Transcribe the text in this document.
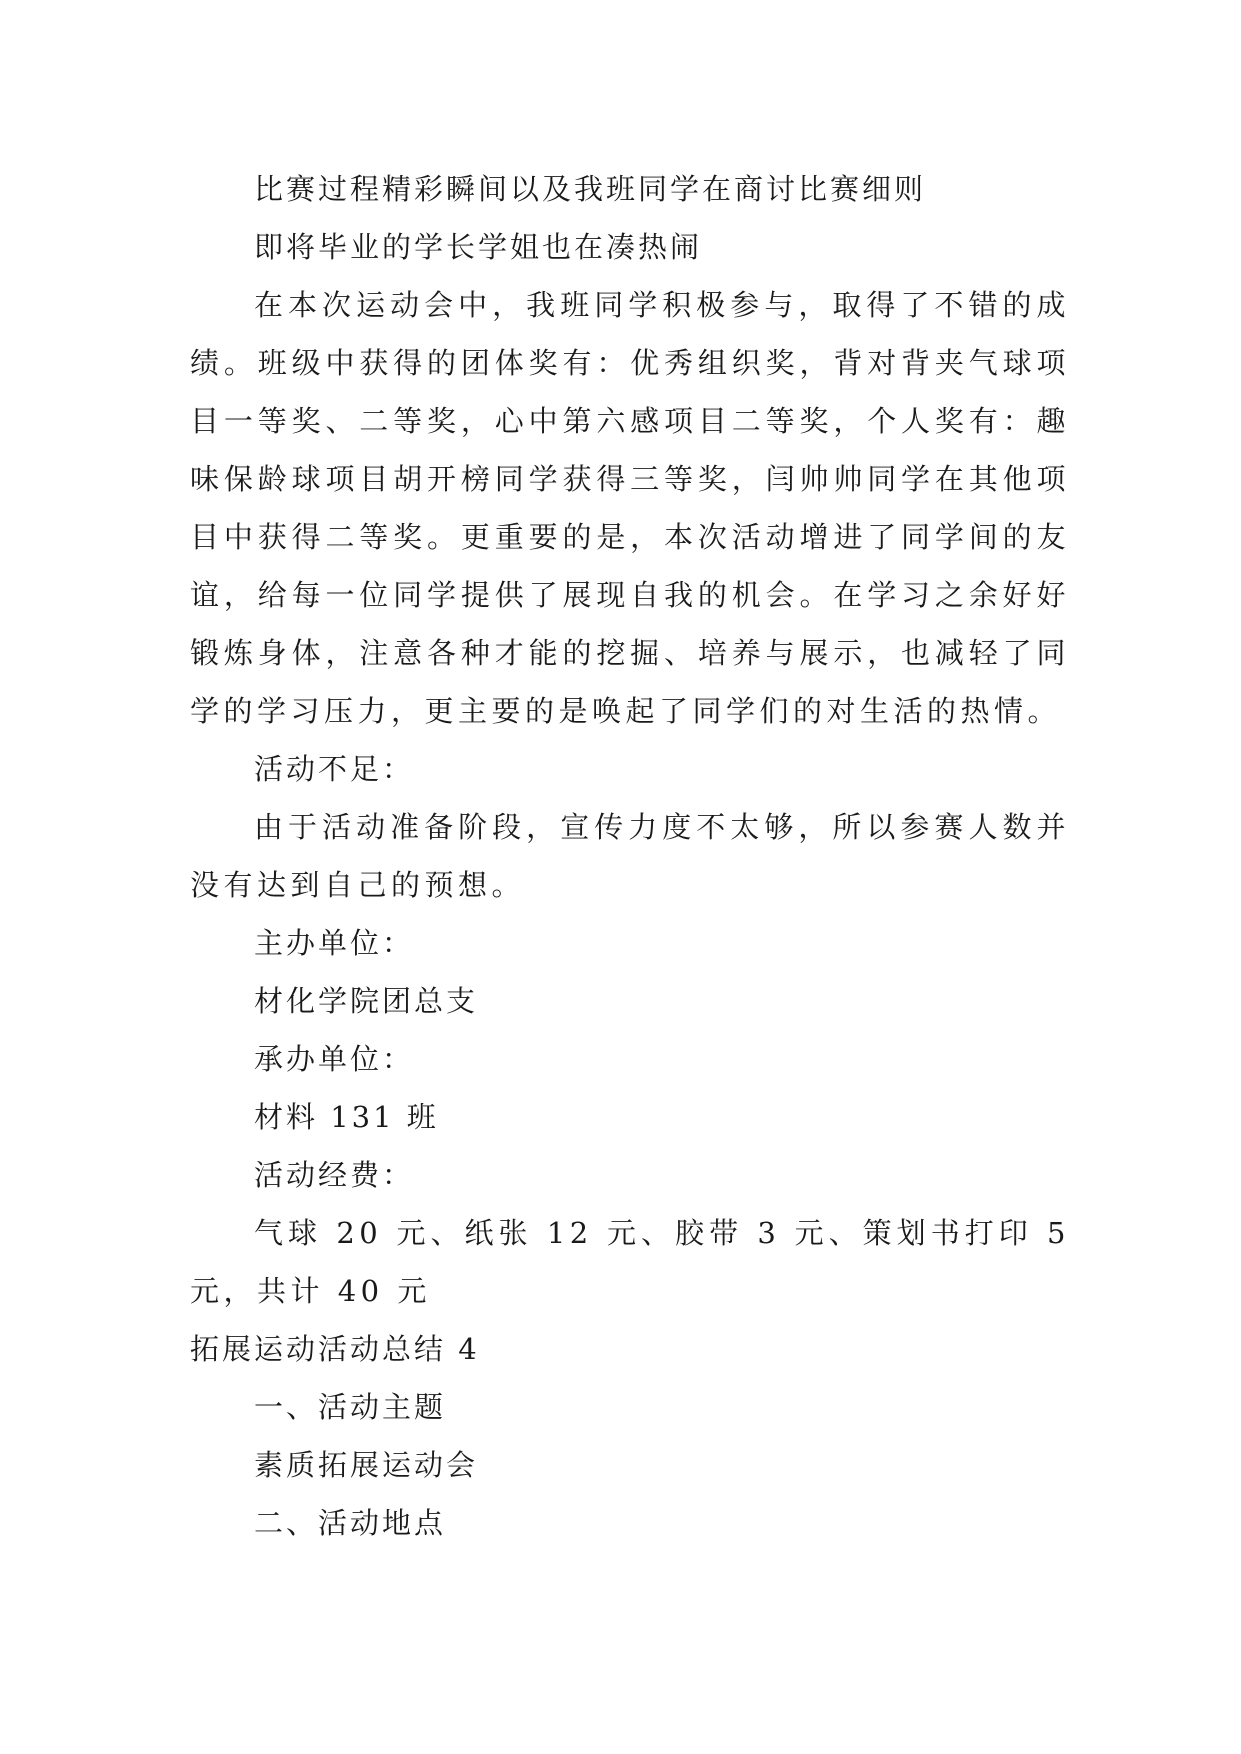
比赛过程精彩瞬间以及我班同学在商讨比赛细则
即将毕业的学长学姐也在凑热闹

在本次运动会中，我班同学积极参与，取得了不错的成绩。班级中获得的团体奖有：优秀组织奖，背对背夹气球项目一等奖、二等奖，心中第六感项目二等奖，个人奖有：趣味保龄球项目胡开榜同学获得三等奖，闫帅帅同学在其他项目中获得二等奖。更重要的是，本次活动增进了同学间的友谊，给每一位同学提供了展现自我的机会。在学习之余好好锻炼身体，注意各种才能的挖掘、培养与展示，也减轻了同学的学习压力，更主要的是唤起了同学们的对生活的热情。

活动不足：

由于活动准备阶段，宣传力度不太够，所以参赛人数并没有达到自己的预想。

主办单位：
材化学院团总支
承办单位：
材料 131 班
活动经费：

气球 20 元、纸张 12 元、胶带 3 元、策划书打印 5 元，共计 40 元

拓展运动活动总结 4
一、活动主题
素质拓展运动会
二、活动地点
